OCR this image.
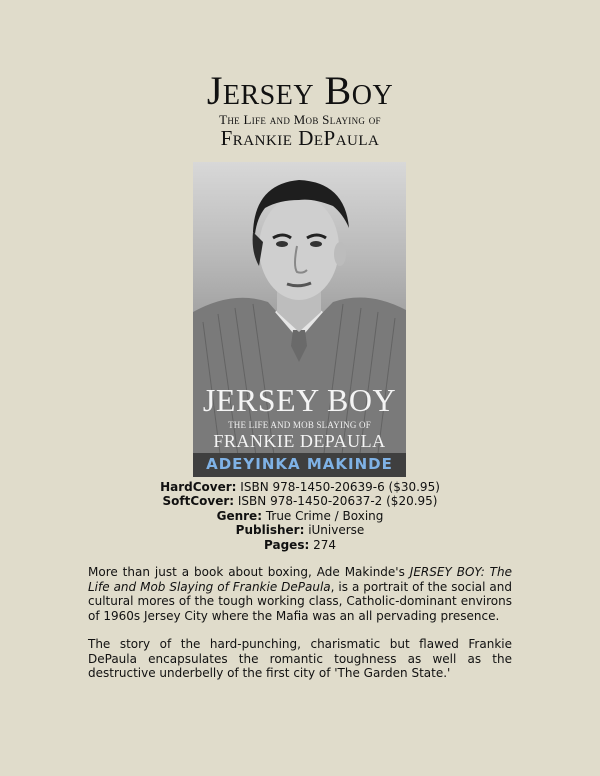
Jersey Boy
The Life and Mob Slaying of
Frankie DePaula
JERSEY BOY
THE LIFE AND MOB SLAYING OF
FRANKIE DEPAULA
ADEYINKA MAKINDE
HardCover: ISBN 978-1450-20639-6 ($30.95)
SoftCover: ISBN 978-1450-20637-2 ($20.95)
Genre: True Crime / Boxing
Publisher: iUniverse
Pages: 274
More than just a book about boxing, Ade Makinde's JERSEY BOY: The Life and Mob Slaying of Frankie DePaula, is a portrait of the social and cultural mores of the tough working class, Catholic-dominant environs of 1960s Jersey City where the Mafia was an all pervading presence.
The story of the hard-punching, charismatic but flawed Frankie DePaula encapsulates the romantic toughness as well as the destructive underbelly of the first city of 'The Garden State.'
